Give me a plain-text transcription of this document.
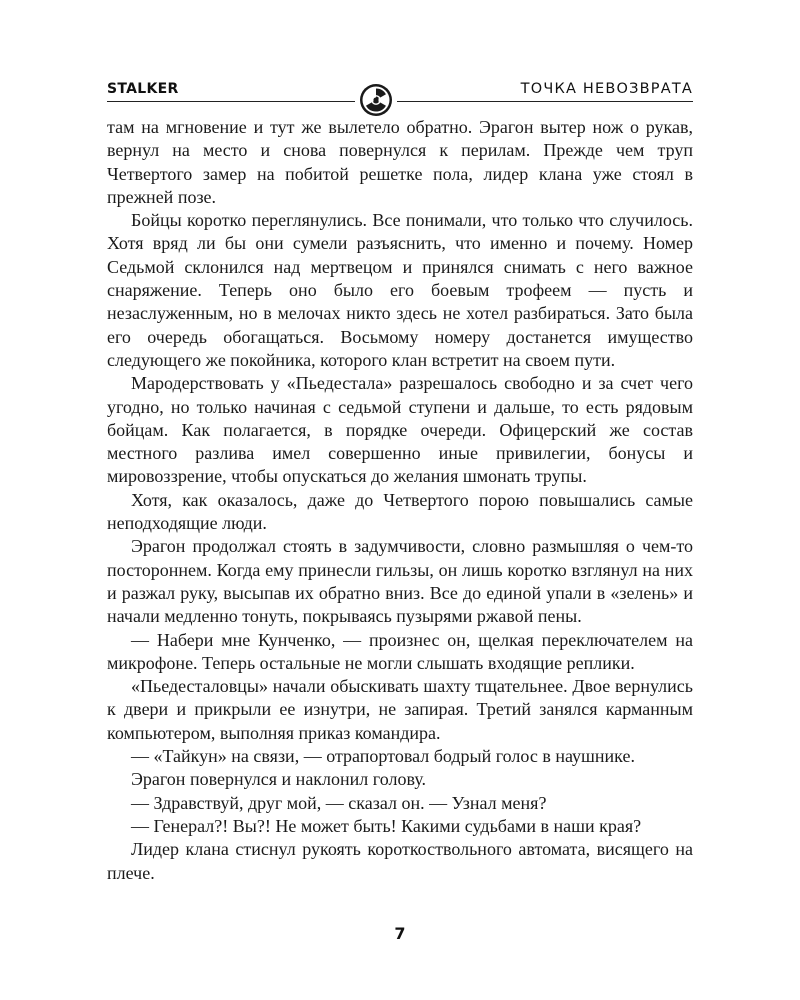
STALKER	ТОЧКА НЕВОЗВРАТА

там на мгновение и тут же вылетело обратно. Эрагон вытер нож о рукав, вернул на место и снова повернулся к перилам. Прежде чем труп Четвертого замер на побитой решетке пола, лидер клана уже стоял в прежней позе.

Бойцы коротко переглянулись. Все понимали, что только что случилось. Хотя вряд ли бы они сумели разъяснить, что именно и почему. Номер Седьмой склонился над мертвецом и принялся снимать с него важное снаряжение. Теперь оно было его боевым трофеем — пусть и незаслуженным, но в мелочах никто здесь не хотел разбираться. Зато была его очередь обогащаться. Восьмому номеру достанется имущество следующего же покойника, которого клан встретит на своем пути.

Мародерствовать у «Пьедестала» разрешалось свободно и за счет чего угодно, но только начиная с седьмой ступени и дальше, то есть рядовым бойцам. Как полагается, в порядке очереди. Офицерский же состав местного разлива имел совершенно иные привилегии, бонусы и мировоззрение, чтобы опускаться до желания шмонать трупы.

Хотя, как оказалось, даже до Четвертого порою повышались самые неподходящие люди.

Эрагон продолжал стоять в задумчивости, словно размышляя о чем-то постороннем. Когда ему принесли гильзы, он лишь коротко взглянул на них и разжал руку, высыпав их обратно вниз. Все до единой упали в «зелень» и начали медленно тонуть, покрываясь пузырями ржавой пены.

— Набери мне Кунченко, — произнес он, щелкая переключателем на микрофоне. Теперь остальные не могли слышать входящие реплики.

«Пьедесталовцы» начали обыскивать шахту тщательнее. Двое вернулись к двери и прикрыли ее изнутри, не запирая. Третий занялся карманным компьютером, выполняя приказ командира.

— «Тайкун» на связи, — отрапортовал бодрый голос в наушнике.

Эрагон повернулся и наклонил голову.

— Здравствуй, друг мой, — сказал он. — Узнал меня?

— Генерал?! Вы?! Не может быть! Какими судьбами в наши края?

Лидер клана стиснул рукоять короткоствольного автомата, висящего на плече.

7
